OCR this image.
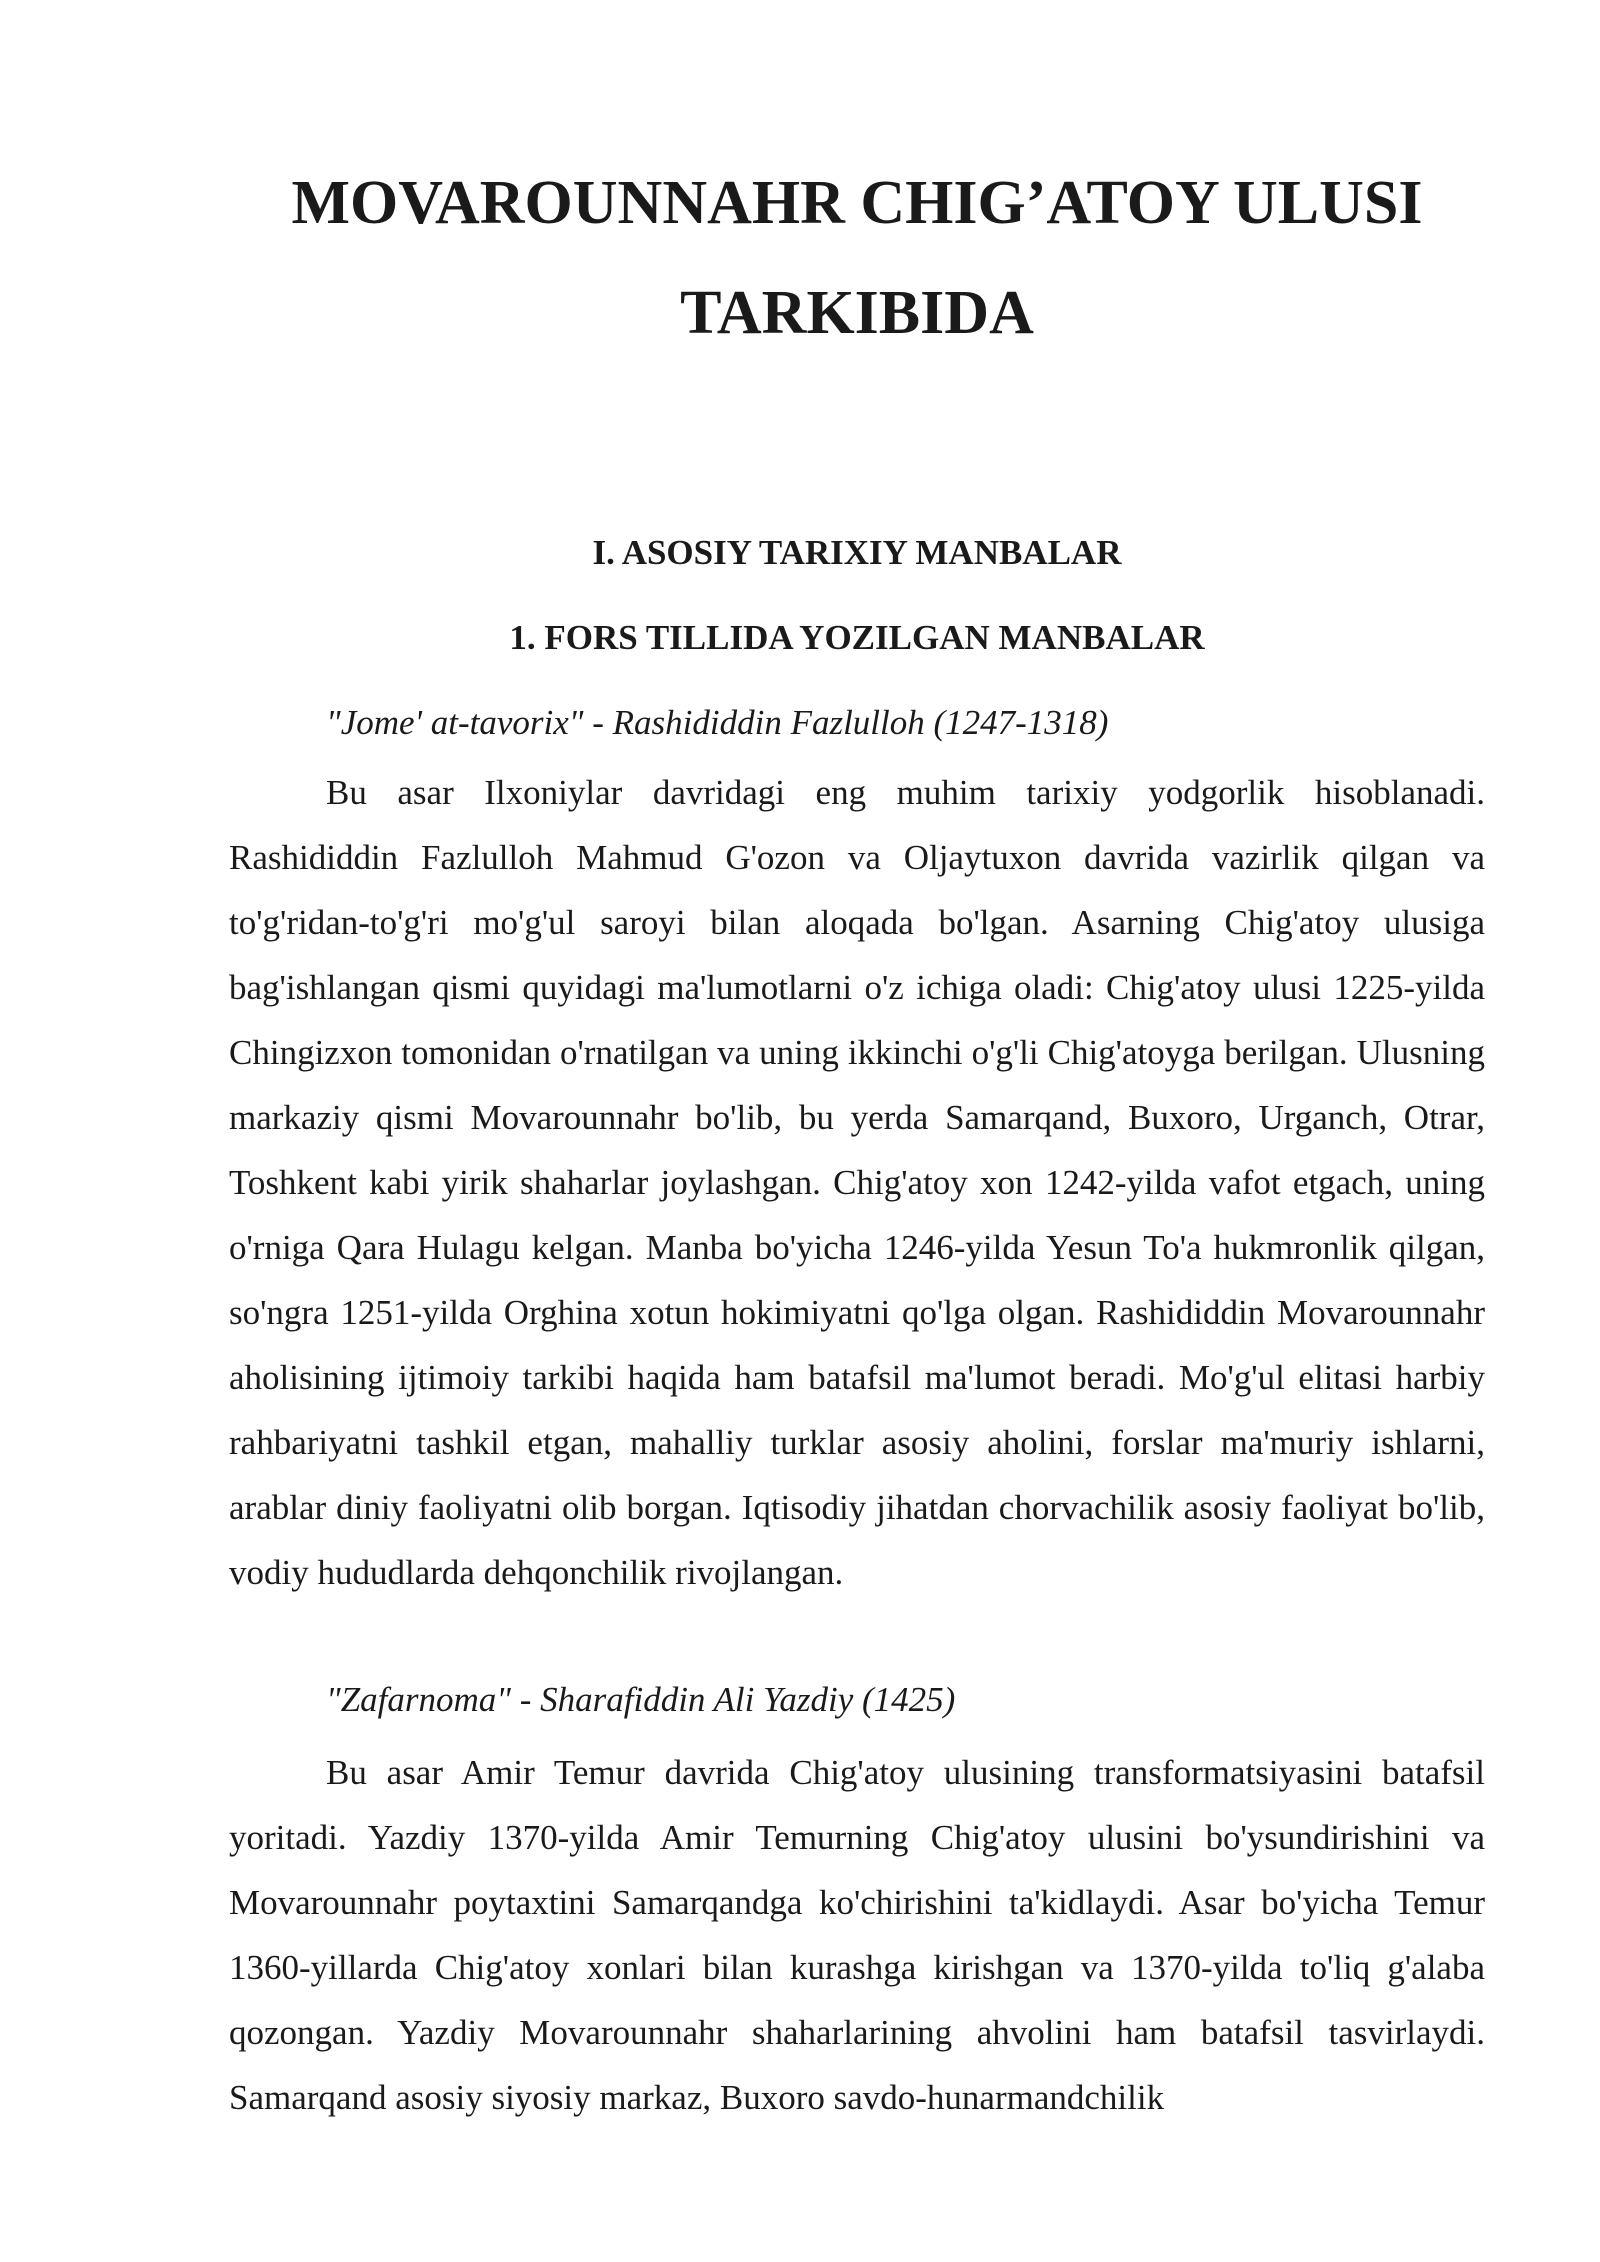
MOVAROUNNAHR CHIG’ATOY ULUSI
TARKIBIDA
I. ASOSIY TARIXIY MANBALAR
1. FORS TILLIDA YOZILGAN MANBALAR

"Jome' at-tavorix" - Rashididdin Fazlulloh (1247-1318)

Bu asar Ilxoniylar davridagi eng muhim tarixiy yodgorlik hisoblanadi. Rashididdin Fazlulloh Mahmud G'ozon va Oljaytuxon davrida vazirlik qilgan va to'g'ridan-to'g'ri mo'g'ul saroyi bilan aloqada bo'lgan. Asarning Chig'atoy ulusiga bag'ishlangan qismi quyidagi ma'lumotlarni o'z ichiga oladi: Chig'atoy ulusi 1225-yilda Chingizxon tomonidan o'rnatilgan va uning ikkinchi o'g'li Chig'atoyga berilgan. Ulusning markaziy qismi Movarounnahr bo'lib, bu yerda Samarqand, Buxoro, Urganch, Otrar, Toshkent kabi yirik shaharlar joylashgan. Chig'atoy xon 1242-yilda vafot etgach, uning o'rniga Qara Hulagu kelgan. Manba bo'yicha 1246-yilda Yesun To'a hukmronlik qilgan, so'ngra 1251-yilda Orghina xotun hokimiyatni qo'lga olgan. Rashididdin Movarounnahr aholisining ijtimoiy tarkibi haqida ham batafsil ma'lumot beradi. Mo'g'ul elitasi harbiy rahbariyatni tashkil etgan, mahalliy turklar asosiy aholini, forslar ma'muriy ishlarni, arablar diniy faoliyatni olib borgan. Iqtisodiy jihatdan chorvachilik asosiy faoliyat bo'lib, vodiy hududlarda dehqonchilik rivojlangan.

"Zafarnoma" - Sharafiddin Ali Yazdiy (1425)

Bu asar Amir Temur davrida Chig'atoy ulusining transformatsiyasini batafsil yoritadi. Yazdiy 1370-yilda Amir Temurning Chig'atoy ulusini bo'ysundirishini va Movarounnahr poytaxtini Samarqandga ko'chirishini ta'kidlaydi. Asar bo'yicha Temur 1360-yillarda Chig'atoy xonlari bilan kurashga kirishgan va 1370-yilda to'liq g'alaba qozongan. Yazdiy Movarounnahr shaharlarining ahvolini ham batafsil tasvirlaydi. Samarqand asosiy siyosiy markaz, Buxoro savdo-hunarmandchilik
